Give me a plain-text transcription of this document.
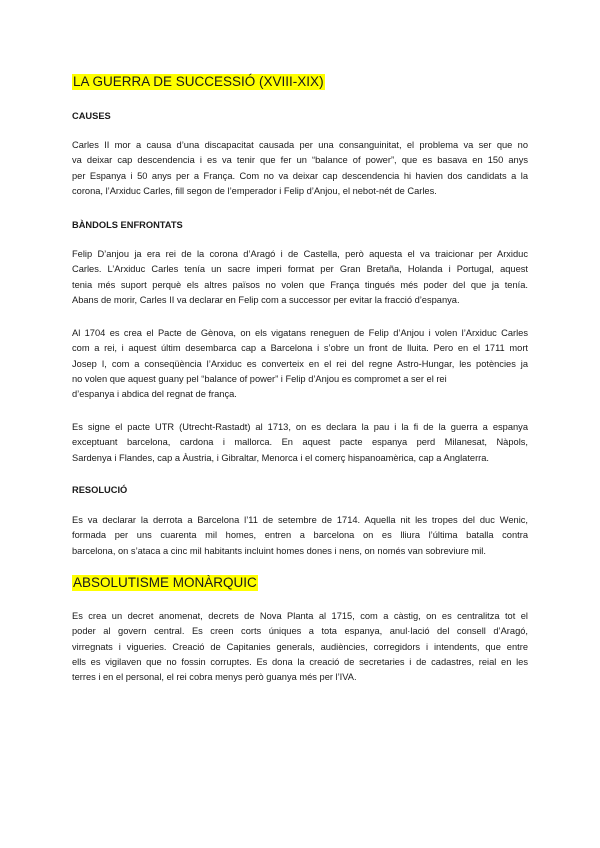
LA GUERRA DE SUCCESSIÓ (XVIII-XIX)
CAUSES
Carles II mor a causa d’una discapacitat causada per una consanguinitat, el problema va ser que no
va deixar cap descendencia i es va tenir que fer un “balance of power”, que es basava en 150 anys
per Espanya i 50 anys per a França. Com no va deixar cap descendencia hi havien dos candidats a la
corona, l’Arxiduc Carles, fill segon de l’emperador i Felip d’Anjou, el nebot-nét de Carles.
BÀNDOLS ENFRONTATS
Felip D’anjou ja era rei de la corona d’Aragó i de Castella, però aquesta el va traicionar per Arxiduc
Carles. L’Arxiduc Carles tenía un sacre imperi format per Gran Bretaña, Holanda i Portugal, aquest
tenia més suport perquè els altres països no volen que França tingués més poder del que ja tenía.
Abans de morir, Carles II va declarar en Felip com a successor per evitar la fracció d’espanya.
Al 1704 es crea el Pacte de Gènova, on els vigatans reneguen de Felip d’Anjou i volen l’Arxiduc Carles
com a rei, i aquest últim desembarca cap a Barcelona i s’obre un front de lluita. Pero en el 1711 mort
Josep I, com a conseqüència l’Arxiduc es converteix en el rei del regne Astro-Hungar, les potències ja
no volen que aquest guany pel “balance of power” i Felip d’Anjou es compromet a ser el rei
d’espanya i abdica del regnat de frança.
Es signe el pacte UTR (Utrecht-Rastadt) al 1713, on es declara la pau i la fi de la guerra a espanya
exceptuant barcelona, cardona i mallorca. En aquest pacte espanya perd Milanesat, Nàpols,
Sardenya i Flandes, cap a Àustria, i Gibraltar, Menorca i el comerç hispanoamèrica, cap a Anglaterra.
RESOLUCIÓ
Es va declarar la derrota a Barcelona l’11 de setembre de 1714. Aquella nit les tropes del duc Wenic,
formada per uns cuarenta mil homes, entren a barcelona on es lliura l’última batalla contra
barcelona, on s’ataca a cinc mil habitants incluint homes dones i nens, on només van sobreviure mil.
ABSOLUTISME MONÀRQUIC
Es crea un decret anomenat, decrets de Nova Planta al 1715, com a càstig, on es centralitza tot el
poder al govern central. Es creen corts úniques a tota espanya, anul·lació del consell d’Aragó,
virregnats i vigueries. Creació de Capitanies generals, audiències, corregidors i intendents, que entre
ells es vigilaven que no fossin corruptes. Es dona la creació de secretaries i de cadastres, reial en les
terres i en el personal, el rei cobra menys però guanya més per l’IVA.
